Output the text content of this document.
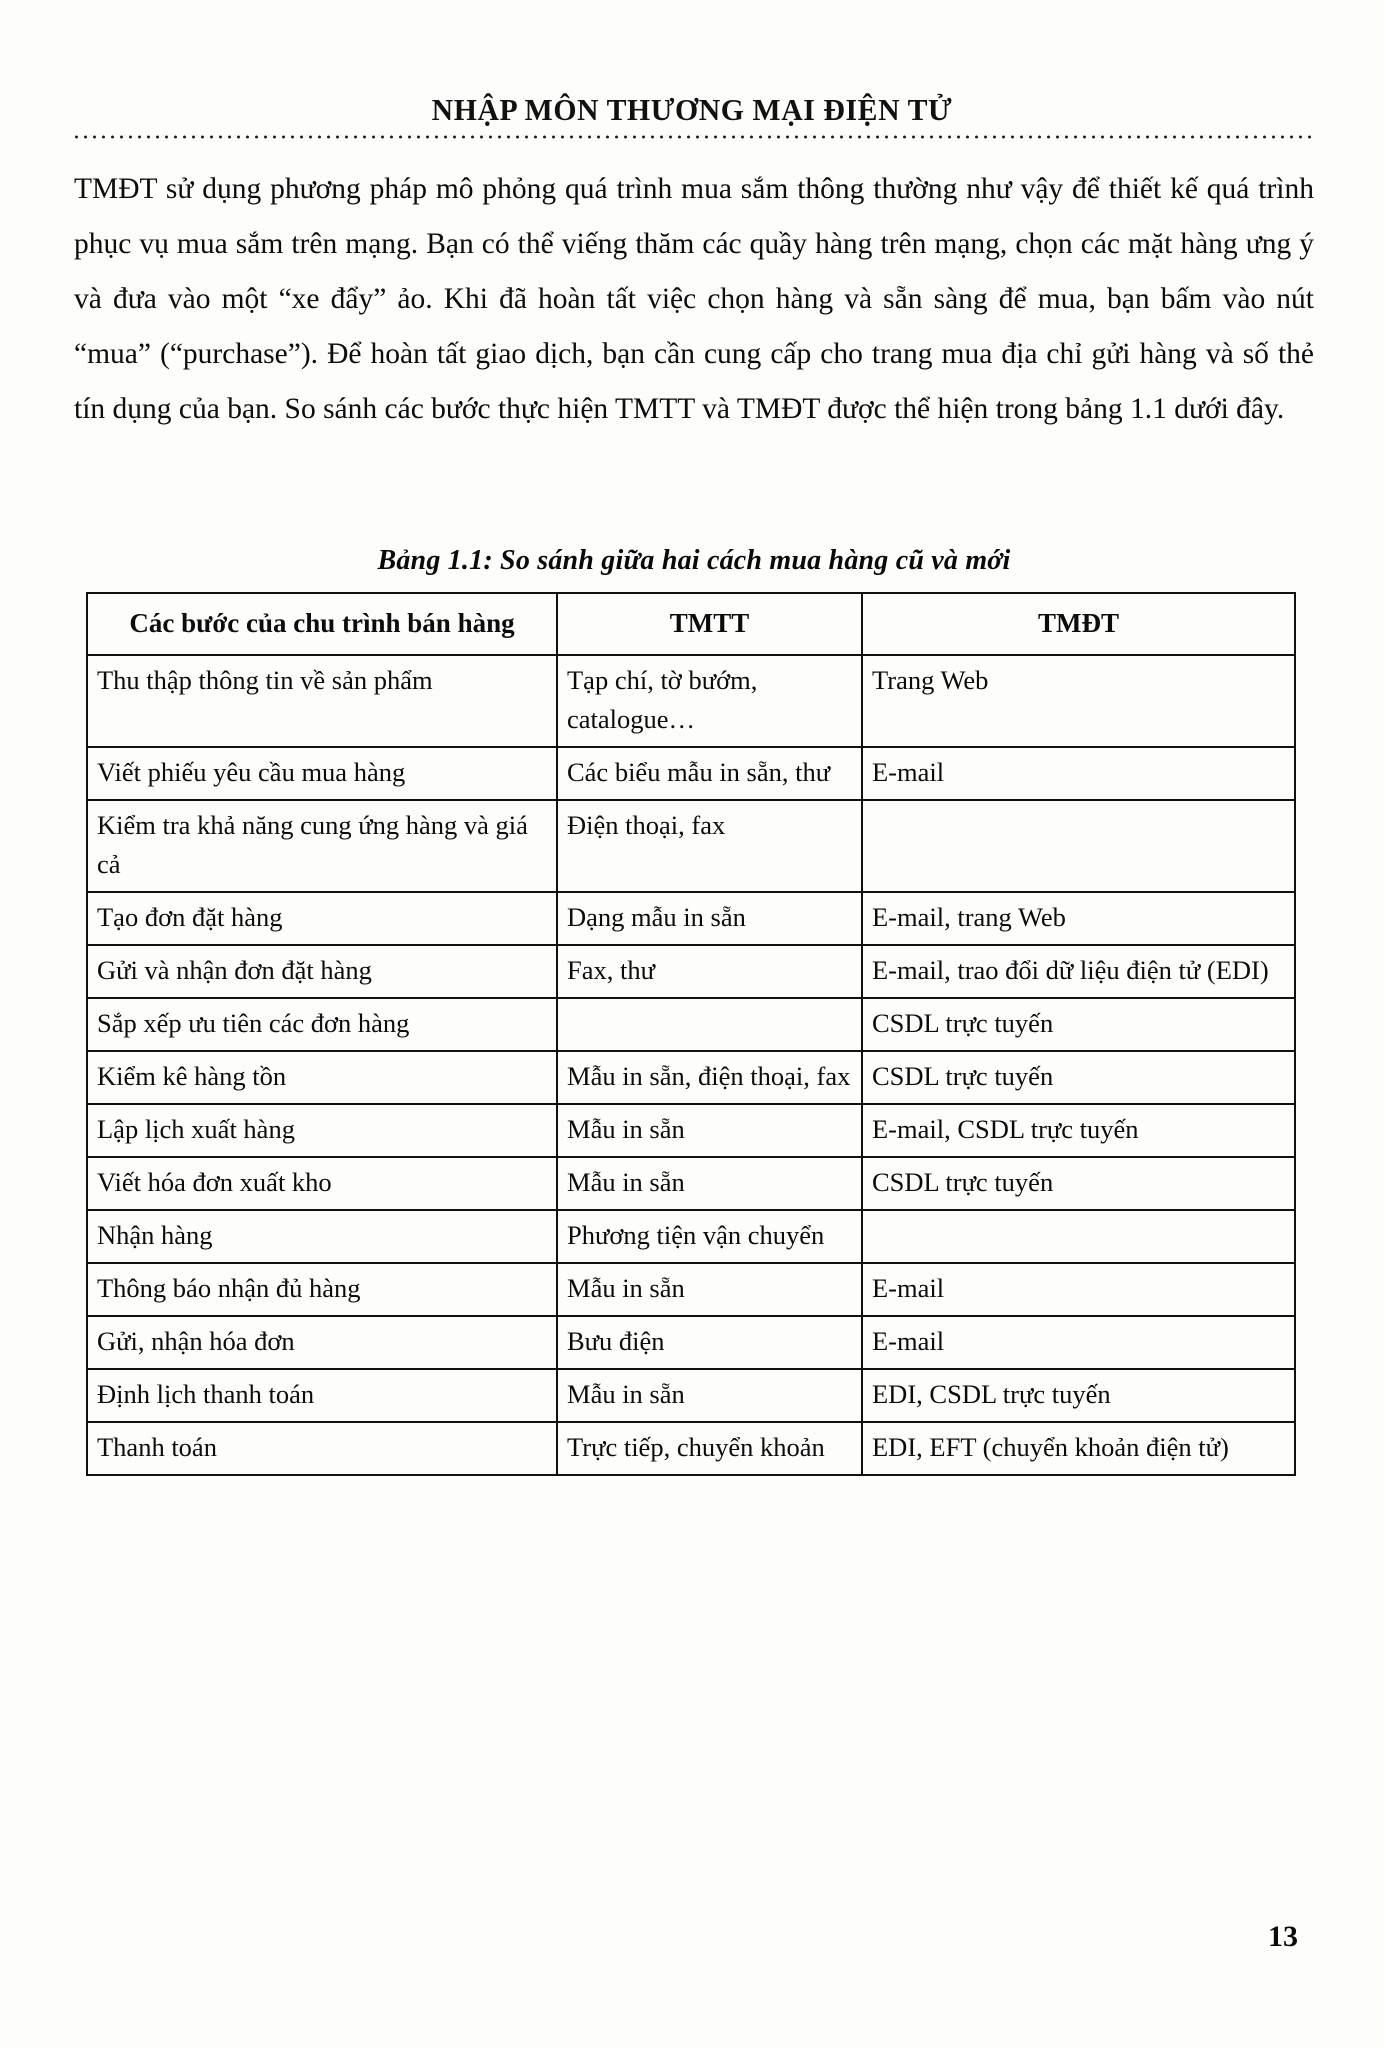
NHẬP MÔN THƯƠNG MẠI ĐIỆN TỬ

TMĐT sử dụng phương pháp mô phỏng quá trình mua sắm thông thường như vậy để thiết kế quá trình phục vụ mua sắm trên mạng. Bạn có thể viếng thăm các quầy hàng trên mạng, chọn các mặt hàng ưng ý và đưa vào một “xe đẩy” ảo. Khi đã hoàn tất việc chọn hàng và sẵn sàng để mua, bạn bấm vào nút “mua” (“purchase”). Để hoàn tất giao dịch, bạn cần cung cấp cho trang mua địa chỉ gửi hàng và số thẻ tín dụng của bạn. So sánh các bước thực hiện TMTT và TMĐT được thể hiện trong bảng 1.1 dưới đây.

Bảng 1.1: So sánh giữa hai cách mua hàng cũ và mới
Các bước của chu trình bán hàng	TMTT	TMĐT
Thu thập thông tin về sản phẩm	Tạp chí, tờ bướm, catalogue…	Trang Web
Viết phiếu yêu cầu mua hàng	Các biểu mẫu in sẵn, thư	E-mail
Kiểm tra khả năng cung ứng hàng và giá cả	Điện thoại, fax	
Tạo đơn đặt hàng	Dạng mẫu in sẵn	E-mail, trang Web
Gửi và nhận đơn đặt hàng	Fax, thư	E-mail, trao đổi dữ liệu điện tử (EDI)
Sắp xếp ưu tiên các đơn hàng		CSDL trực tuyến
Kiểm kê hàng tồn	Mẫu in sẵn, điện thoại, fax	CSDL trực tuyến
Lập lịch xuất hàng	Mẫu in sẵn	E-mail, CSDL trực tuyến
Viết hóa đơn xuất kho	Mẫu in sẵn	CSDL trực tuyến
Nhận hàng	Phương tiện vận chuyển	
Thông báo nhận đủ hàng	Mẫu in sẵn	E-mail
Gửi, nhận hóa đơn	Bưu điện	E-mail
Định lịch thanh toán	Mẫu in sẵn	EDI, CSDL trực tuyến
Thanh toán	Trực tiếp, chuyển khoản	EDI, EFT (chuyển khoản điện tử)
13
